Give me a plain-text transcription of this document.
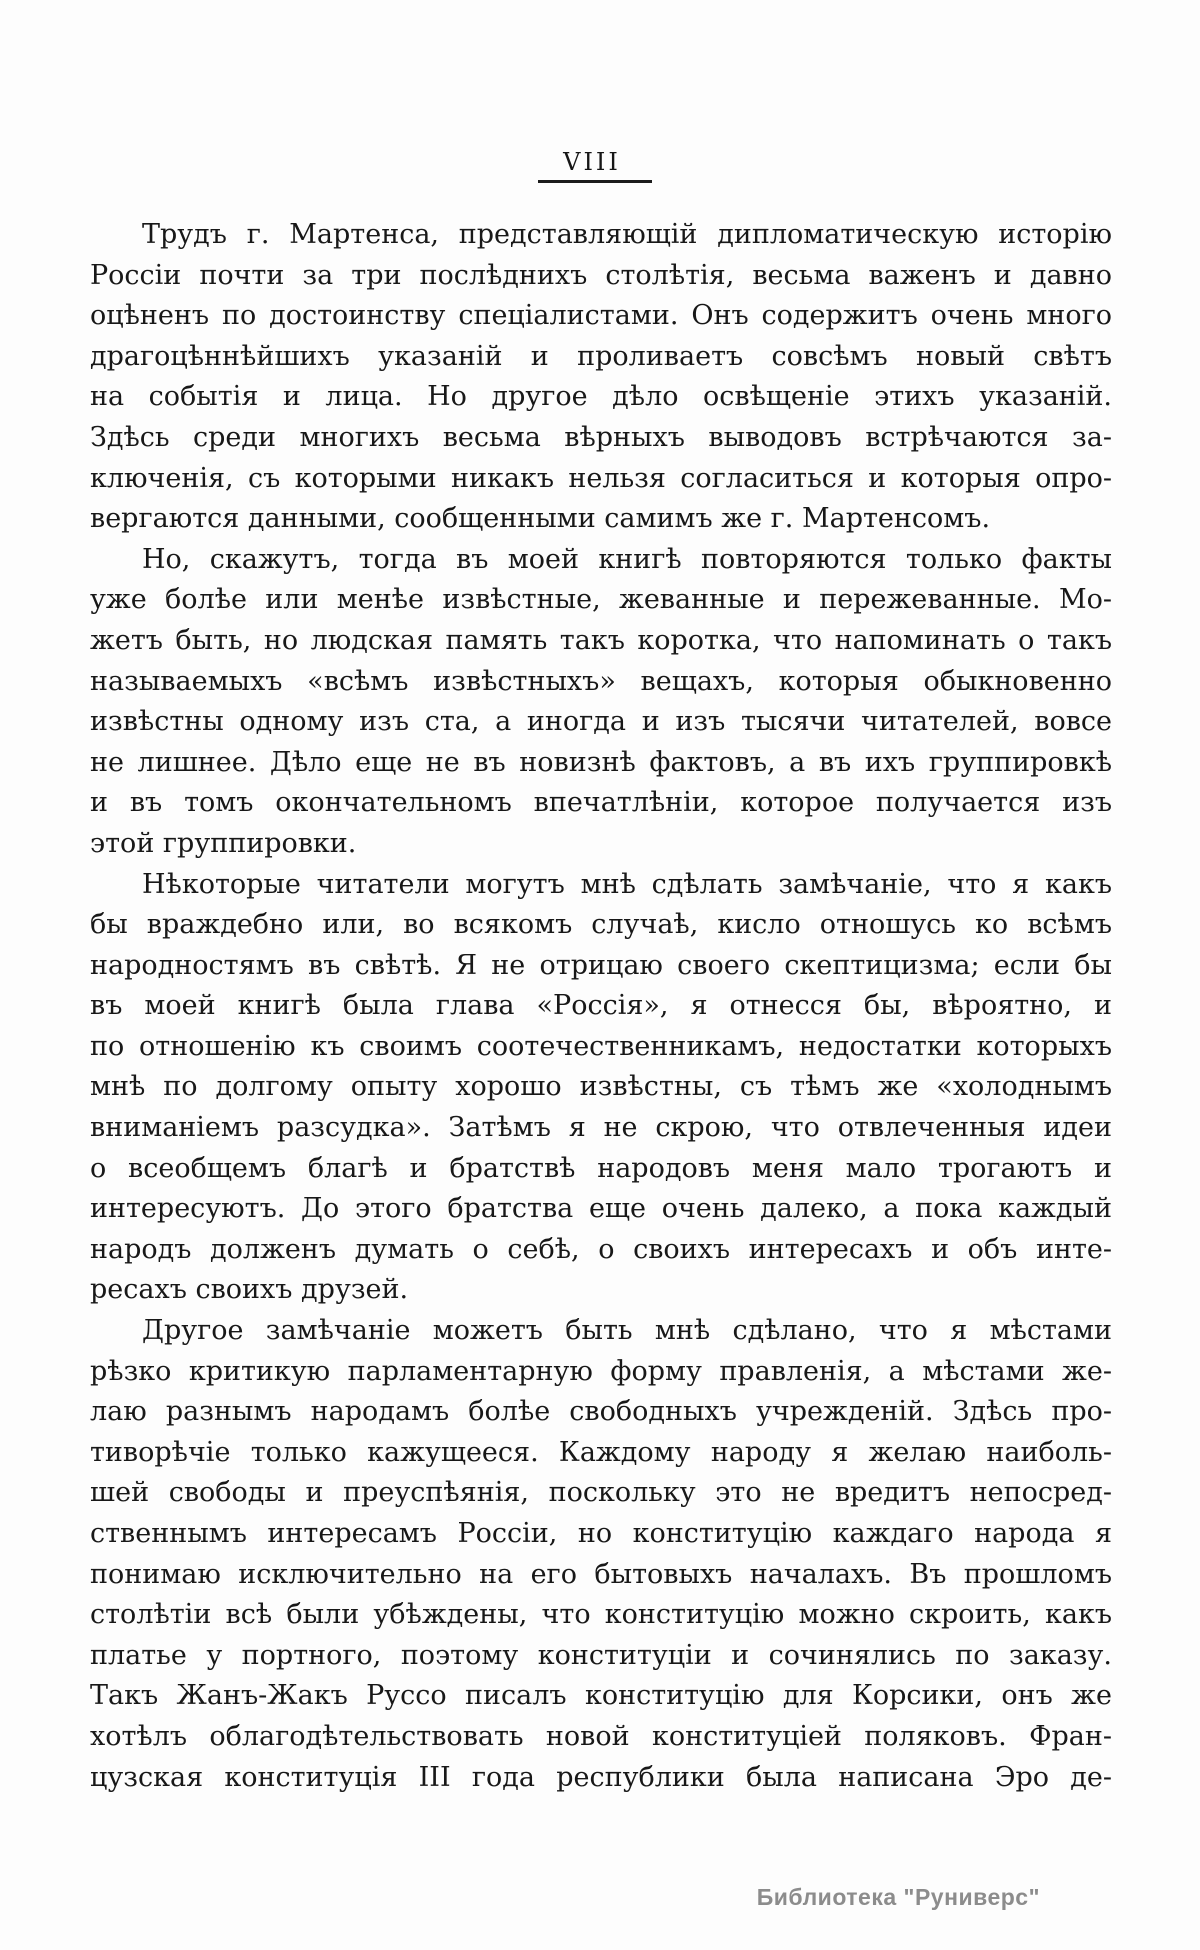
VIII
Трудъ г. Мартенса, представляющій дипломатическую исторію
Россіи почти за три послѣднихъ столѣтія, весьма важенъ и давно
оцѣненъ по достоинству спеціалистами. Онъ содержитъ очень много
драгоцѣннѣйшихъ указаній и проливаетъ совсѣмъ новый свѣтъ
на событія и лица. Но другое дѣло освѣщеніе этихъ указаній.
Здѣсь среди многихъ весьма вѣрныхъ выводовъ встрѣчаются за-
ключенія, съ которыми никакъ нельзя согласиться и которыя опро-
вергаются данными, сообщенными самимъ же г. Мартенсомъ.
Но, скажутъ, тогда въ моей книгѣ повторяются только факты
уже болѣе или менѣе извѣстные, жеванные и пережеванные. Мо-
жетъ быть, но людская память такъ коротка, что напоминать о такъ
называемыхъ «всѣмъ извѣстныхъ» вещахъ, которыя обыкновенно
извѣстны одному изъ ста, а иногда и изъ тысячи читателей, вовсе
не лишнее. Дѣло еще не въ новизнѣ фактовъ, а въ ихъ группировкѣ
и въ томъ окончательномъ впечатлѣніи, которое получается изъ
этой группировки.
Нѣкоторые читатели могутъ мнѣ сдѣлать замѣчаніе, что я какъ
бы враждебно или, во всякомъ случаѣ, кисло отношусь ко всѣмъ
народностямъ въ свѣтѣ. Я не отрицаю своего скептицизма; если бы
въ моей книгѣ была глава «Россія», я отнесся бы, вѣроятно, и
по отношенію къ своимъ соотечественникамъ, недостатки которыхъ
мнѣ по долгому опыту хорошо извѣстны, съ тѣмъ же «холоднымъ
вниманіемъ разсудка». Затѣмъ я не скрою, что отвлеченныя идеи
о всеобщемъ благѣ и братствѣ народовъ меня мало трогаютъ и
интересуютъ. До этого братства еще очень далеко, а пока каждый
народъ долженъ думать о себѣ, о своихъ интересахъ и объ инте-
ресахъ своихъ друзей.
Другое замѣчаніе можетъ быть мнѣ сдѣлано, что я мѣстами
рѣзко критикую парламентарную форму правленія, а мѣстами же-
лаю разнымъ народамъ болѣе свободныхъ учрежденій. Здѣсь про-
тиворѣчіе только кажущееся. Каждому народу я желаю наиболь-
шей свободы и преуспѣянія, поскольку это не вредитъ непосред-
ственнымъ интересамъ Россіи, но конституцію каждаго народа я
понимаю исключительно на его бытовыхъ началахъ. Въ прошломъ
столѣтіи всѣ были убѣждены, что конституцію можно скроить, какъ
платье у портного, поэтому конституціи и сочинялись по заказу.
Такъ Жанъ-Жакъ Руссо писалъ конституцію для Корсики, онъ же
хотѣлъ облагодѣтельствовать новой конституціей поляковъ. Фран-
цузская конституція III года республики была написана Эро де-
Библиотека "Руниверс"
